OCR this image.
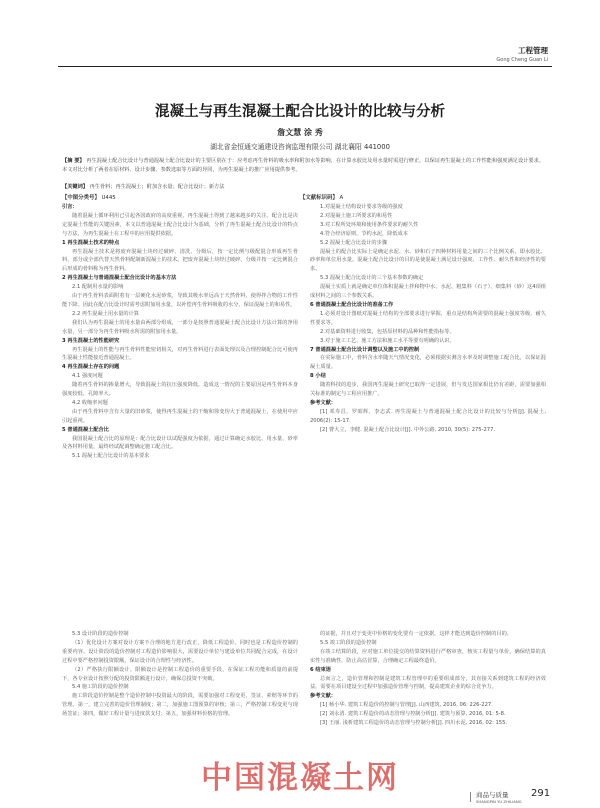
工程管理
Gong Cheng Guan Li
混凝土与再生混凝土配合比设计的比较与分析
詹文慧 涂 秀
湖北省金恒通交通建设咨询监理有限公司 湖北襄阳 441000
【摘 要】 再生混凝土配合比设计与普通混凝土配合比设计的主要区别在于：应考虑再生骨料的吸水率和附加水等影响，在计算水胶比及用水量时需进行修正，以保证再生混凝土的工作性能和强度满足设计要求。本文对比分析了两者在原材料、设计步骤、参数选取等方面的异同，为再生混凝土的推广应用提供参考。
【关键词】 再生骨料；再生混凝土；附加含水量；配合比设计；新方法
【中图分类号】 U445	【文献标识码】 A

引言：

随着混凝土循环利用已引起各国政府的高度重视，再生混凝土得到了越来越多的关注。配合比是决定混凝土性能的关键因素，本文以普通混凝土配合比设计为基础，分析了再生混凝土配合比设计的特点与方法，为再生混凝土在工程中的应用提供依据。

1 再生混凝土技术的特点

再生混凝土技术是将废弃混凝土块经过破碎、清洗、分级后，按一定比例与级配混合形成再生骨料，部分或全部代替天然骨料配制新混凝土的技术。把废弃混凝土块经过破碎、分级并按一定比例混合后形成的骨料称为再生骨料。

2 再生混凝土与普通混凝土配合比设计的基本方法

2.1 配制用水量的影响

由于再生骨料表面附着有一层硬化水泥砂浆，导致其吸水率远高于天然骨料，使得拌合物的工作性能下降。因此在配合比设计时需考虑附加用水量，以补偿再生骨料吸收的水分，保证混凝土的和易性。

2.2 再生混凝土用水量的计算

我们认为再生混凝土的用水量由两部分组成，一部分是按照普通混凝土配合比设计方法计算的净用水量，另一部分为再生骨料吸水所需的附加用水量。

3 再生混凝土的性能研究

再生混凝土的性能与再生骨料性能密切相关，对再生骨料进行表面处理以及合理控制配合比可使再生混凝土性能接近普通混凝土。

4 再生混凝土存在的问题

4.1 强度问题

随着再生骨料的掺量增大，导致混凝土的抗压强度降低，造成这一情况的主要原因是再生骨料本身强度较低、孔隙率大。

4.2 收缩率问题

由于再生骨料中含有大量的旧砂浆，使得再生混凝土的干缩和徐变均大于普通混凝土，在使用中应引起重视。

5 普通混凝土配合比

我国混凝土配合比的原理是：配合比设计以试配强度为依据，通过计算确定水胶比、用水量、砂率及各材料用量，最终经试配调整确定施工配合比。

5.1 混凝土配合比设计的基本要求

1.对混凝土结构设计要求等级的强度

2.对混凝土施工所要求的和易性

3.对工程所处环境和使用条件要求的耐久性

4.符合经济原则，节约水泥，降低成本

5.2 混凝土配合比设计的步骤

混凝土的配合比实际上是确定水泥、水、砂和石子四种材料用量之间的三个比例关系，即水胶比、砂率和单位用水量。混凝土配合比设计的目的是使混凝土满足设计强度、工作性、耐久性和经济性的要求。

5.3 混凝土配合比设计的三个基本参数的确定

混凝土实质上就是确定单位体积混凝土拌和物中水、水泥、粗集料（石子）、细集料（砂）这4项组成材料之间的三个参数关系。

6 普通混凝土配合比设计的准备工作

1.必须对设计图纸对混凝土结构的全部要求进行掌握，重点是结构所需要的混凝土强度等级、耐久性要求等。

2.对基础资料进行收集，包括原材料的品种和性能指标等。

3.对于施工工艺、施工方法和施工水平等要有明确的认识。

7 普通混凝土配合比设计调整以及施工中的控制

在实际施工中，骨料含水率随天气情况变化，必须根据实测含水率及时调整施工配合比，以保证混凝土质量。

8 小结

随着科技的进步，我国再生混凝土研究已取得一定进展，但与发达国家相比仍有差距，需要加强相关标准的制定与工程应用推广。

参考文献：

[1] 邓寿昌，罗昭辉，李志武. 再生混凝土与普通混凝土配合比设计的比较与分析[J]. 混凝土, 2006(2): 15-17.

[2] 曹大立，李健. 混凝土配合比设计[J]. 中外公路, 2010, 30(5): 275-277.

5.3 设计阶段的造价控制

（1）优化设计方案对设计方案不合理的地方进行改正，降低工程造价。同时也是工程造价控制的重要内容。设计阶段的造价控制对工程造价影响很大，需要设计单位与建设单位共同配合完成，在设计过程中要严格控制投资限额，保证设计的合理性与经济性。

（2）严格执行限额设计。限额设计是控制工程造价的重要手段，在保证工程功能和质量的前提下，各专业设计按照分配的投资限额进行设计，确保总投资不突破。

5.4 施工阶段的造价控制

施工阶段造价控制是整个造价控制中投资最大的阶段，需要加强对工程变更、签证、索赔等环节的管理。第一，建立完善的造价管理制度；第二，加强施工图预算的审核；第三，严格控制工程变更与现场签证；第四，做好工程计量与进度款支付；第五，加强材料价格的管理。

的证据，并且对于变更中价格的变化要有一定依据，这样才能达到造价控制的目的。

5.5 竣工阶段的造价控制

在竣工结算阶段，应对施工单位提交的结算资料进行严格审查，核实工程量与单价，确保结算的真实性与准确性，防止高估冒算，合理确定工程最终造价。

6 结束语

总而言之，造价管理和控制是建筑工程管理中的重要组成部分，其直接关系到建筑工程的经济效益。需要在项目建设全过程中加强造价管理与控制，提高建筑企业的综合竞争力。

参考文献：

[1] 杨小华. 建筑工程造价的控制与管理[J]. 山西建筑, 2016, 06: 226-227.

[2] 刘永清. 建筑工程造价的动态管理与控制分析[J]. 建筑与预算, 2016, 01: 5-8.

[3] 王丽. 浅析建筑工程造价的动态管理与控制分析[J]. 四川水泥, 2016, 02: 155.

中国混凝土网	商品与质量
SHANGPIN YU ZHILIANG
291
